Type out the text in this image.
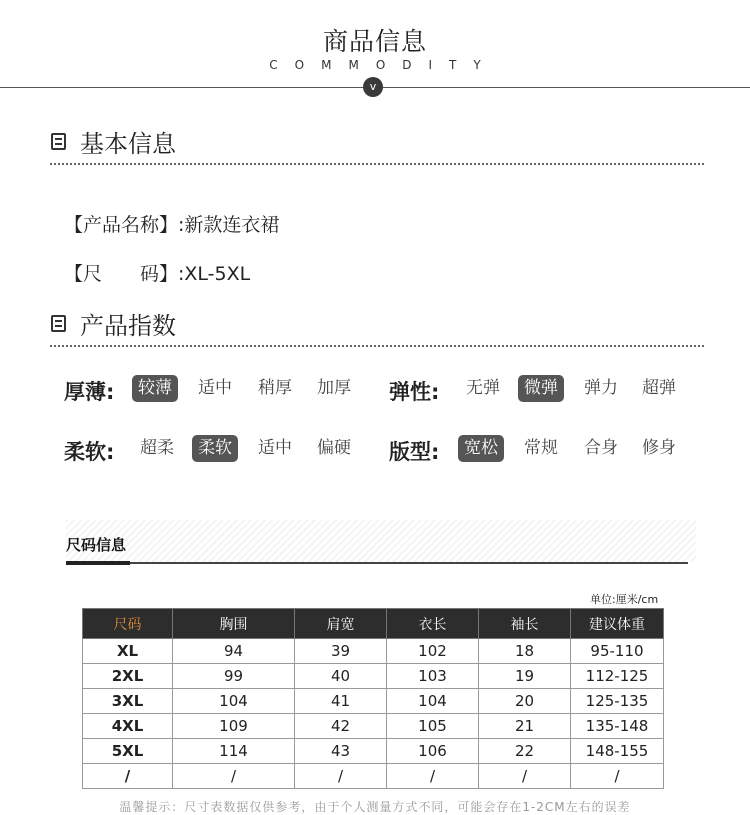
商品信息
COMMODITY
v
基本信息
【产品名称】:新款连衣裙
【尺　　码】:XL-5XL
产品指数
厚薄:	较薄	适中 稍厚 加厚 弹性: 无弹	微弹	弹力 超弹
柔软: 超柔	柔软	适中 偏硬 版型:	宽松	常规 合身 修身
尺码信息
单位:厘米/cm
尺码	胸围	肩宽	衣长	袖长	建议体重
XL	94	39	102	18	95-110
2XL	99	40	103	19	112-125
3XL	104	41	104	20	125-135
4XL	109	42	105	21	135-148
5XL	114	43	106	22	148-155
/	/	/	/	/	/
温馨提示：尺寸表数据仅供参考，由于个人测量方式不同，可能会存在1-2CM左右的误差
